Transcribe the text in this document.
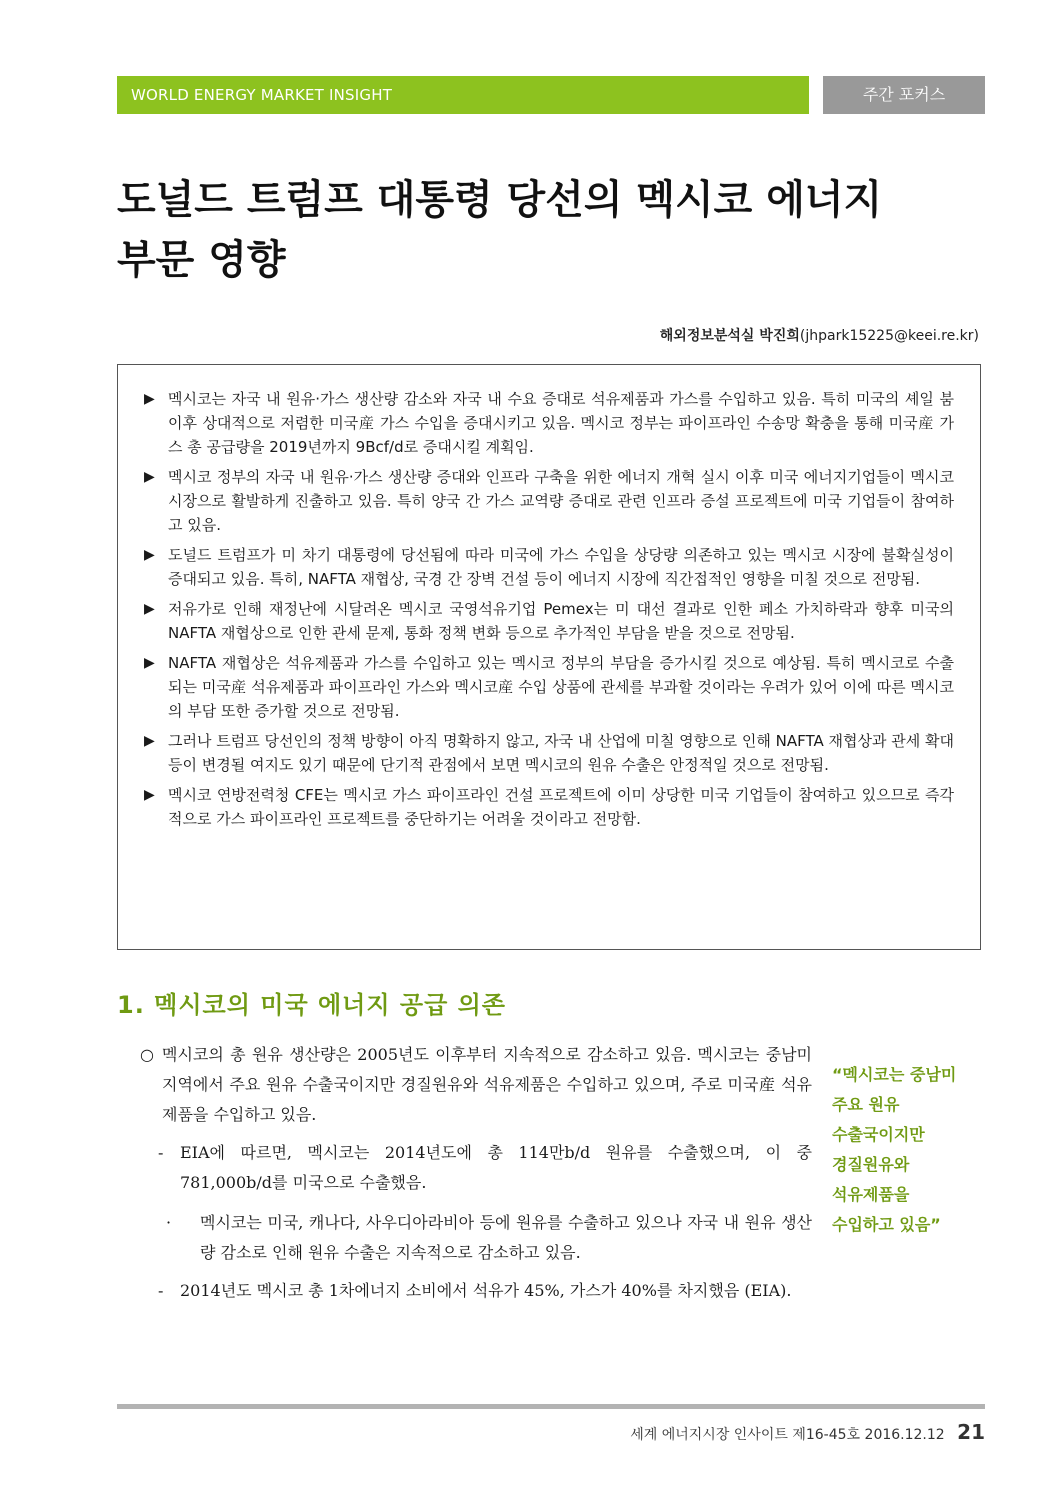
WORLD ENERGY MARKET INSIGHT	주간 포커스
도널드 트럼프 대통령 당선의 멕시코 에너지
부문 영향
해외정보분석실 박진희(jhpark15225@keei.re.kr)
▶ 멕시코는 자국 내 원유·가스 생산량 감소와 자국 내 수요 증대로 석유제품과 가스를 수입하고 있음. 특히 미국의 셰일 붐 이후 상대적으로 저렴한 미국産 가스 수입을 증대시키고 있음. 멕시코 정부는 파이프라인 수송망 확충을 통해 미국産 가스 총 공급량을 2019년까지 9Bcf/d로 증대시킬 계획임.
▶ 멕시코 정부의 자국 내 원유·가스 생산량 증대와 인프라 구축을 위한 에너지 개혁 실시 이후 미국 에너지기업들이 멕시코 시장으로 활발하게 진출하고 있음. 특히 양국 간 가스 교역량 증대로 관련 인프라 증설 프로젝트에 미국 기업들이 참여하고 있음.
▶ 도널드 트럼프가 미 차기 대통령에 당선됨에 따라 미국에 가스 수입을 상당량 의존하고 있는 멕시코 시장에 불확실성이 증대되고 있음. 특히, NAFTA 재협상, 국경 간 장벽 건설 등이 에너지 시장에 직간접적인 영향을 미칠 것으로 전망됨.
▶ 저유가로 인해 재정난에 시달려온 멕시코 국영석유기업 Pemex는 미 대선 결과로 인한 페소 가치하락과 향후 미국의 NAFTA 재협상으로 인한 관세 문제, 통화 정책 변화 등으로 추가적인 부담을 받을 것으로 전망됨.
▶ NAFTA 재협상은 석유제품과 가스를 수입하고 있는 멕시코 정부의 부담을 증가시킬 것으로 예상됨. 특히 멕시코로 수출되는 미국産 석유제품과 파이프라인 가스와 멕시코産 수입 상품에 관세를 부과할 것이라는 우려가 있어 이에 따른 멕시코의 부담 또한 증가할 것으로 전망됨.
▶ 그러나 트럼프 당선인의 정책 방향이 아직 명확하지 않고, 자국 내 산업에 미칠 영향으로 인해 NAFTA 재협상과 관세 확대 등이 변경될 여지도 있기 때문에 단기적 관점에서 보면 멕시코의 원유 수출은 안정적일 것으로 전망됨.
▶ 멕시코 연방전력청 CFE는 멕시코 가스 파이프라인 건설 프로젝트에 이미 상당한 미국 기업들이 참여하고 있으므로 즉각적으로 가스 파이프라인 프로젝트를 중단하기는 어려울 것이라고 전망함.
1. 멕시코의 미국 에너지 공급 의존
○ 멕시코의 총 원유 생산량은 2005년도 이후부터 지속적으로 감소하고 있음. 멕시코는 중남미 지역에서 주요 원유 수출국이지만 경질원유와 석유제품은 수입하고 있으며, 주로 미국産 석유제품을 수입하고 있음.
-	EIA에 따르면, 멕시코는 2014년도에 총 114만b/d 원유를 수출했으며, 이 중 781,000b/d를 미국으로 수출했음.
·	멕시코는 미국, 캐나다, 사우디아라비아 등에 원유를 수출하고 있으나 자국 내 원유 생산량 감소로 인해 원유 수출은 지속적으로 감소하고 있음.
-	2014년도 멕시코 총 1차에너지 소비에서 석유가 45%, 가스가 40%를 차지했음 (EIA).
“멕시코는 중남미
주요 원유
수출국이지만
경질원유와
석유제품을
수입하고 있음”
세계 에너지시장 인사이트 제16-45호 2016.12.12 21
